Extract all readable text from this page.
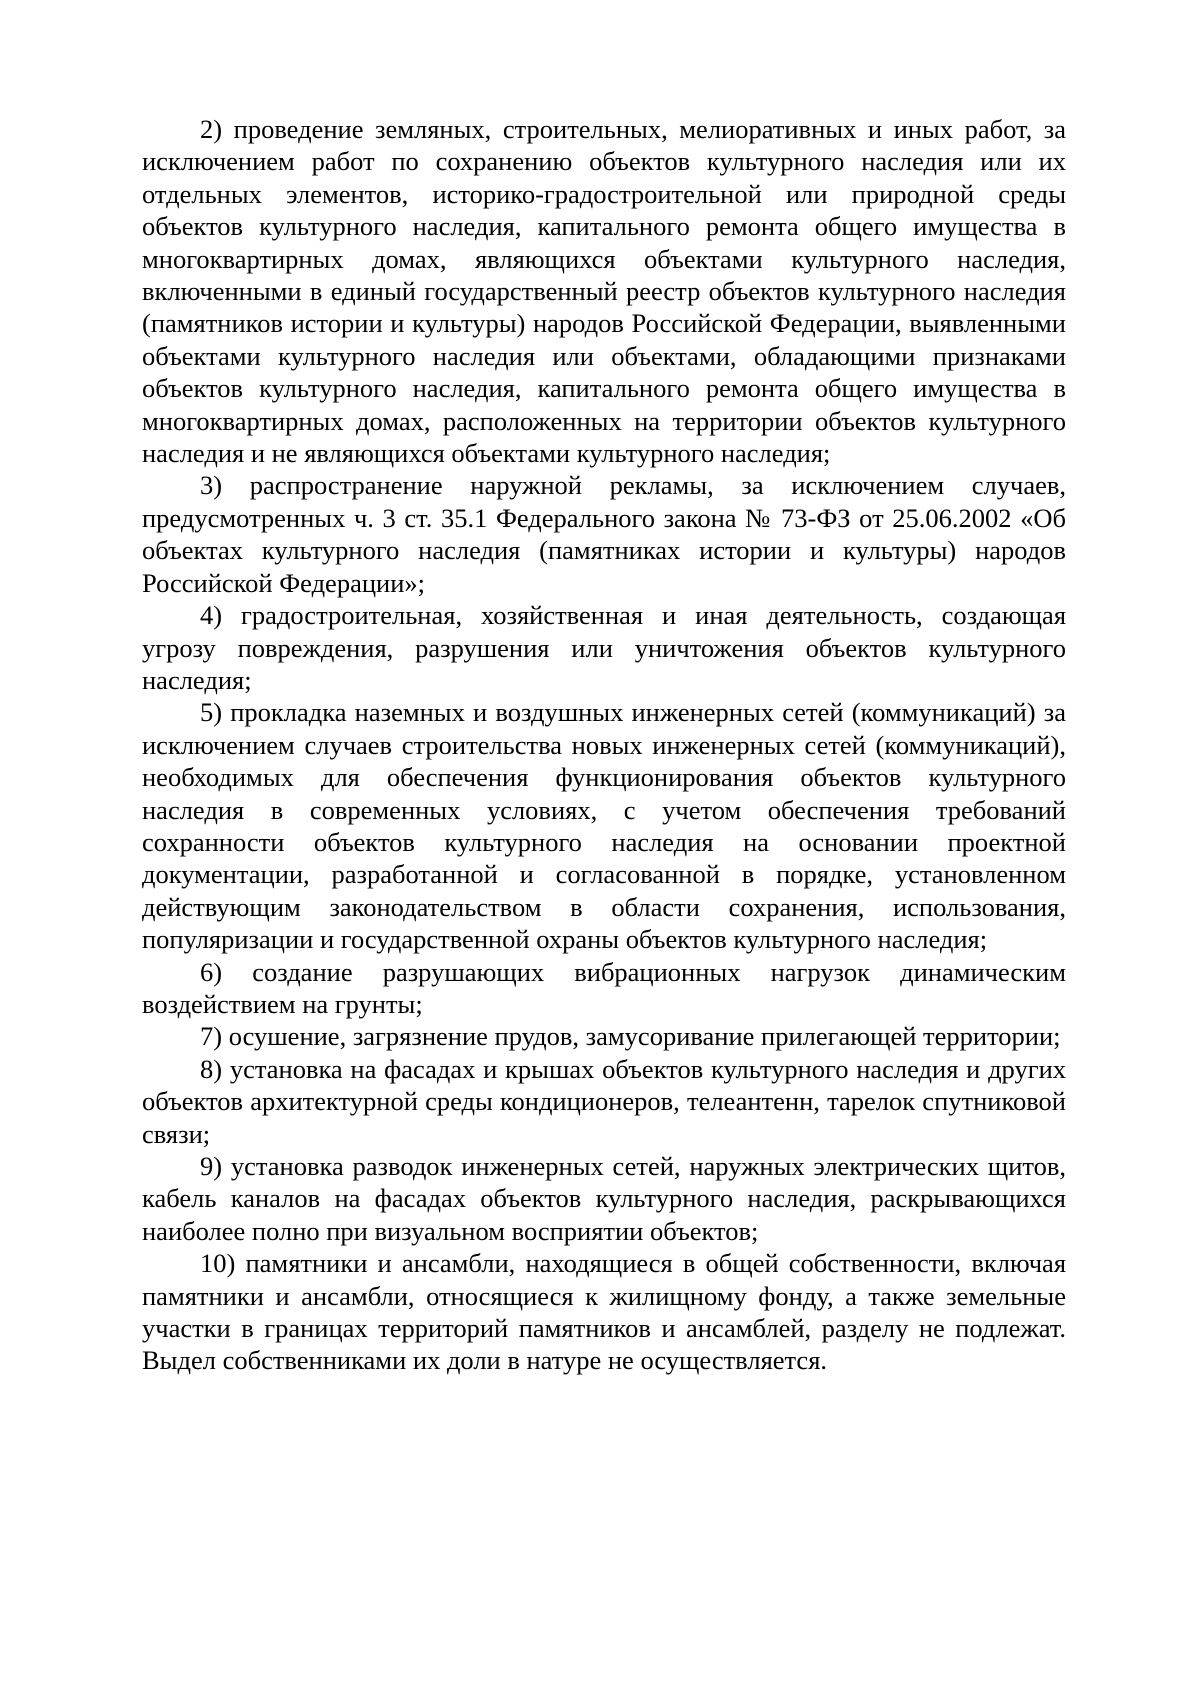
2) проведение земляных, строительных, мелиоративных и иных работ, за исключением работ по сохранению объектов культурного наследия или их отдельных элементов, историко-градостроительной или природной среды объектов культурного наследия, капитального ремонта общего имущества в многоквартирных домах, являющихся объектами культурного наследия, включенными в единый государственный реестр объектов культурного наследия (памятников истории и культуры) народов Российской Федерации, выявленными объектами культурного наследия или объектами, обладающими признаками объектов культурного наследия, капитального ремонта общего имущества в многоквартирных домах, расположенных на территории объектов культурного наследия и не являющихся объектами культурного наследия;

3) распространение наружной рекламы, за исключением случаев, предусмотренных ч. 3 ст. 35.1 Федерального закона № 73-ФЗ от 25.06.2002 «Об объектах культурного наследия (памятниках истории и культуры) народов Российской Федерации»;

4) градостроительная, хозяйственная и иная деятельность, создающая угрозу повреждения, разрушения или уничтожения объектов культурного наследия;

5) прокладка наземных и воздушных инженерных сетей (коммуникаций) за исключением случаев строительства новых инженерных сетей (коммуникаций), необходимых для обеспечения функционирования объектов культурного наследия в современных условиях, с учетом обеспечения требований сохранности объектов культурного наследия на основании проектной документации, разработанной и согласованной в порядке, установленном действующим законодательством в области сохранения, использования, популяризации и государственной охраны объектов культурного наследия;

6) создание разрушающих вибрационных нагрузок динамическим воздействием на грунты;

7) осушение, загрязнение прудов, замусоривание прилегающей территории;

8) установка на фасадах и крышах объектов культурного наследия и других объектов архитектурной среды кондиционеров, телеантенн, тарелок спутниковой связи;

9) установка разводок инженерных сетей, наружных электрических щитов, кабель каналов на фасадах объектов культурного наследия, раскрывающихся наиболее полно при визуальном восприятии объектов;

10) памятники и ансамбли, находящиеся в общей собственности, включая памятники и ансамбли, относящиеся к жилищному фонду, а также земельные участки в границах территорий памятников и ансамблей, разделу не подлежат. Выдел собственниками их доли в натуре не осуществляется.
